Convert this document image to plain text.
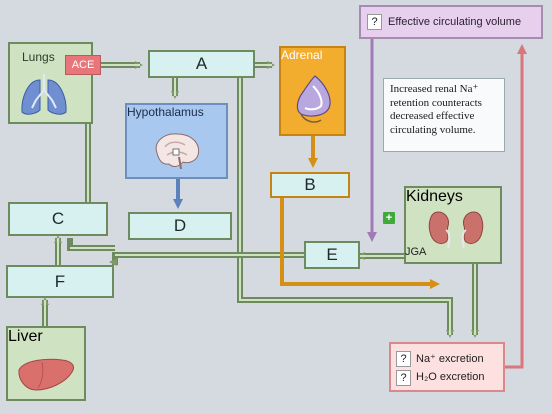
Lungs
ACE	A
Hypothalamus
Adrenal
B
C	D
E
F
Liver
? Effective circulating volume
Increased renal Na⁺ retention counteracts decreased effective circulating volume.
Kidneys
JGA
+
? Na⁺ excretion
? H₂O excretion
